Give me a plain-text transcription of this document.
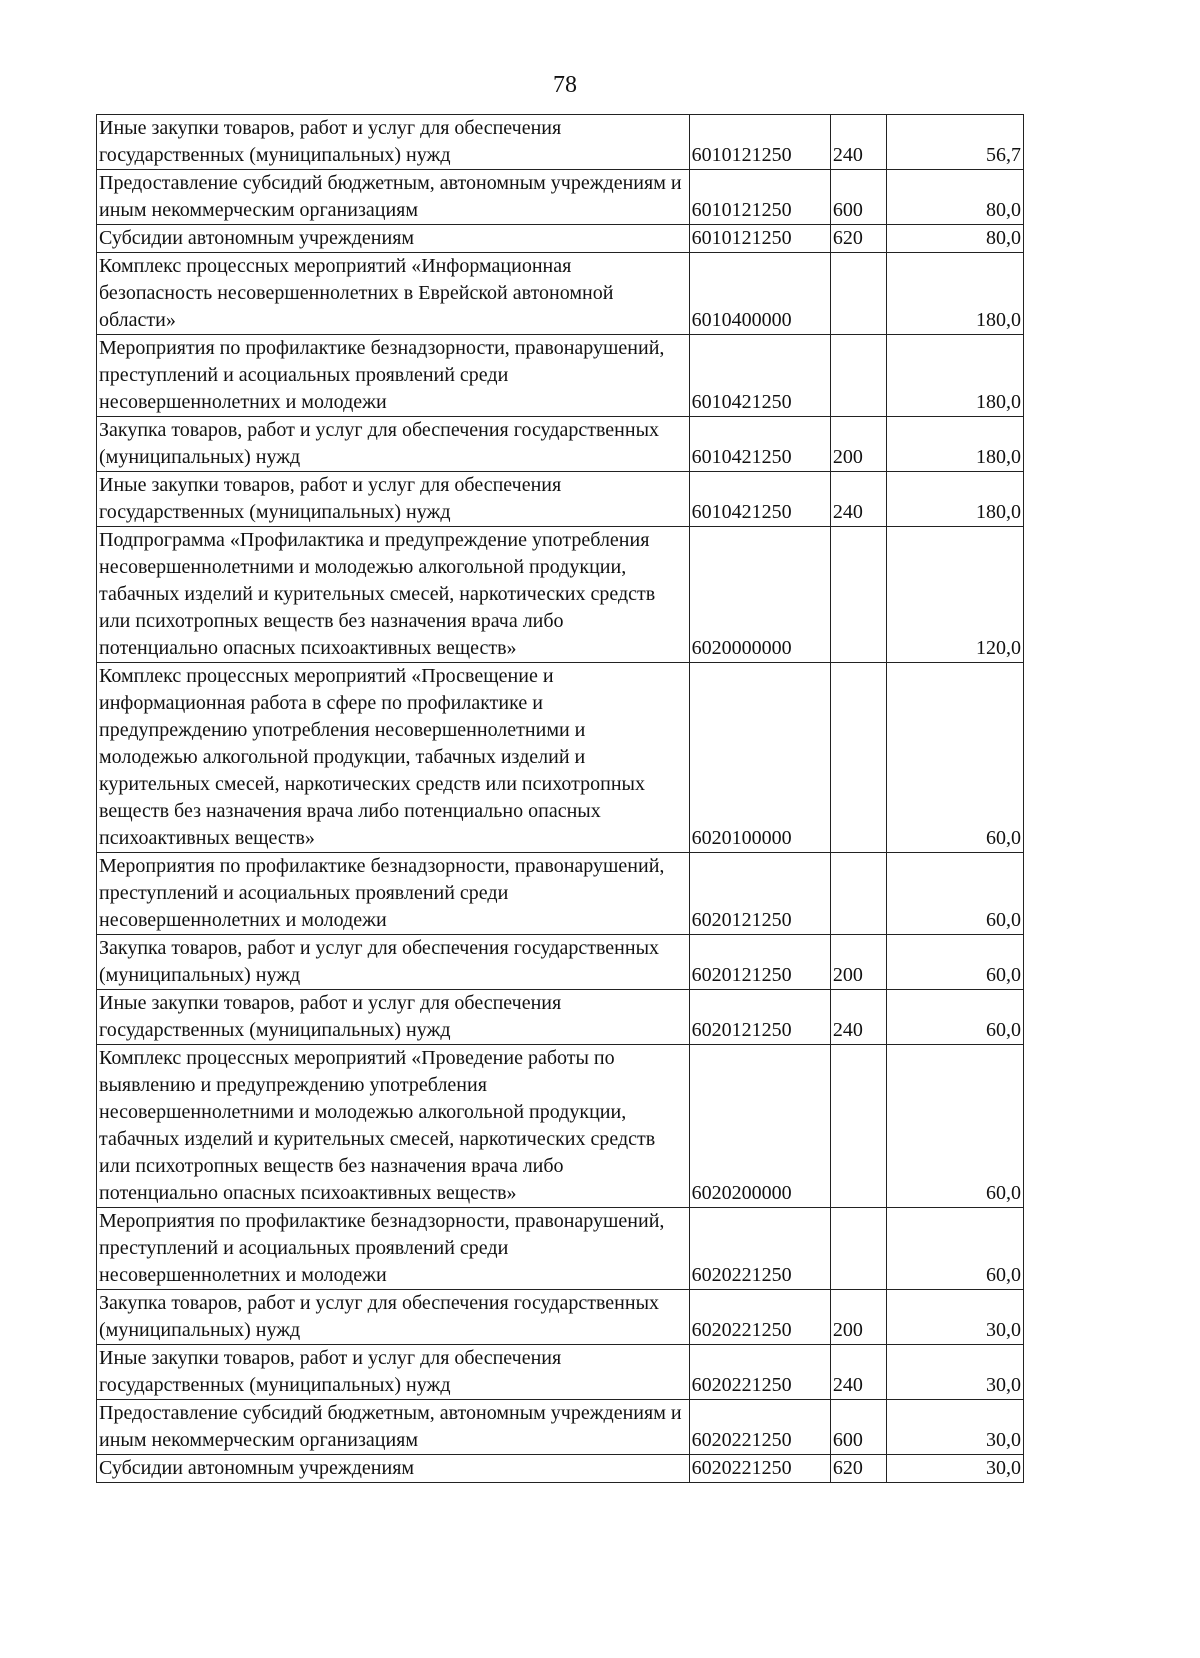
78
Иные закупки товаров, работ и услуг для обеспечения государственных (муниципальных) нужд	6010121250	240	56,7
Предоставление субсидий бюджетным, автономным учреждениям и иным некоммерческим организациям	6010121250	600	80,0
Субсидии автономным учреждениям	6010121250	620	80,0
Комплекс процессных мероприятий «Информационная безопасность несовершеннолетних в Еврейской автономной области»	6010400000		180,0
Мероприятия по профилактике безнадзорности, правонарушений, преступлений и асоциальных проявлений среди несовершеннолетних и молодежи	6010421250		180,0
Закупка товаров, работ и услуг для обеспечения государственных (муниципальных) нужд	6010421250	200	180,0
Иные закупки товаров, работ и услуг для обеспечения государственных (муниципальных) нужд	6010421250	240	180,0
Подпрограмма «Профилактика и предупреждение употребления несовершеннолетними и молодежью алкогольной продукции, табачных изделий и курительных смесей, наркотических средств или психотропных веществ без назначения врача либо потенциально опасных психоактивных веществ»	6020000000		120,0
Комплекс процессных мероприятий «Просвещение и информационная работа в сфере по профилактике и предупреждению употребления несовершеннолетними и молодежью алкогольной продукции, табачных изделий и курительных смесей, наркотических средств или психотропных веществ без назначения врача либо потенциально опасных психоактивных веществ»	6020100000		60,0
Мероприятия по профилактике безнадзорности, правонарушений, преступлений и асоциальных проявлений среди несовершеннолетних и молодежи	6020121250		60,0
Закупка товаров, работ и услуг для обеспечения государственных (муниципальных) нужд	6020121250	200	60,0
Иные закупки товаров, работ и услуг для обеспечения государственных (муниципальных) нужд	6020121250	240	60,0
Комплекс процессных мероприятий «Проведение работы по выявлению и предупреждению употребления несовершеннолетними и молодежью алкогольной продукции, табачных изделий и курительных смесей, наркотических средств или психотропных веществ без назначения врача либо потенциально опасных психоактивных веществ»	6020200000		60,0
Мероприятия по профилактике безнадзорности, правонарушений, преступлений и асоциальных проявлений среди несовершеннолетних и молодежи	6020221250		60,0
Закупка товаров, работ и услуг для обеспечения государственных (муниципальных) нужд	6020221250	200	30,0
Иные закупки товаров, работ и услуг для обеспечения государственных (муниципальных) нужд	6020221250	240	30,0
Предоставление субсидий бюджетным, автономным учреждениям и иным некоммерческим организациям	6020221250	600	30,0
Субсидии автономным учреждениям	6020221250	620	30,0
